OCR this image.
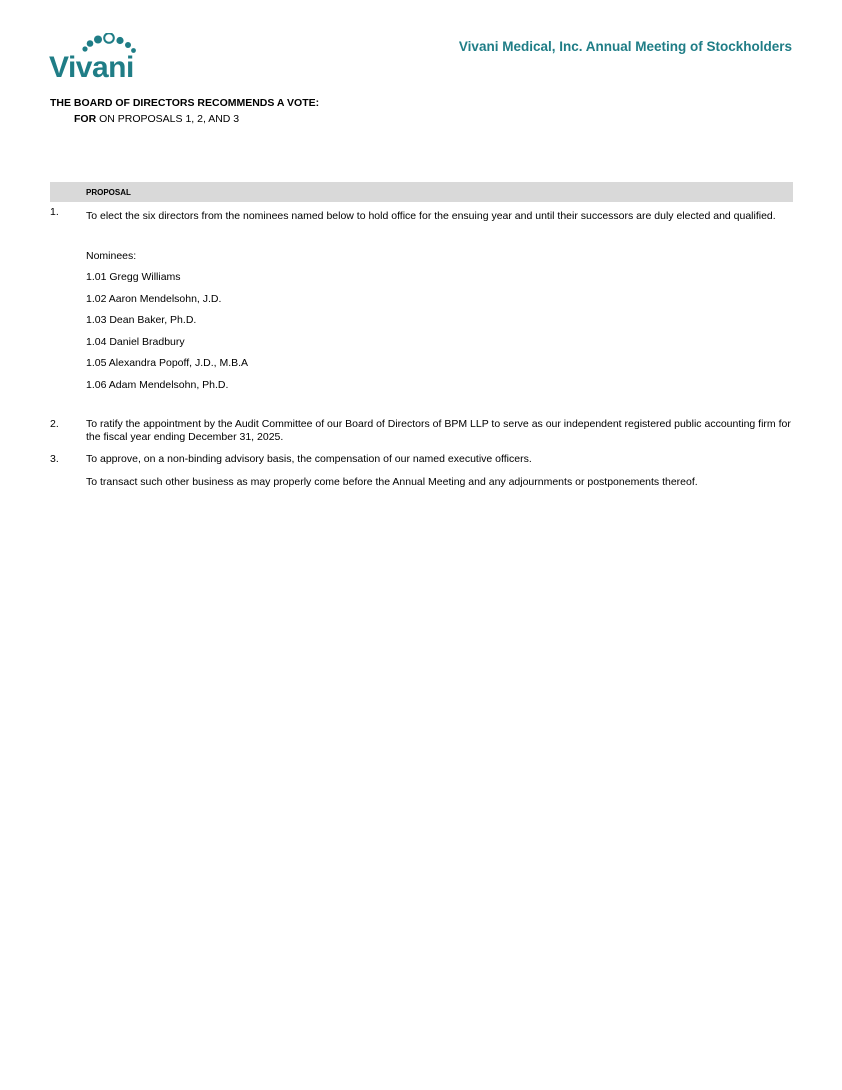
Vivani
Vivani Medical, Inc. Annual Meeting of Stockholders
THE BOARD OF DIRECTORS RECOMMENDS A VOTE:
FOR ON PROPOSALS 1, 2, AND 3
PROPOSAL
1.	To elect the six directors from the nominees named below to hold office for the ensuing year and until their successors are duly elected and qualified.
Nominees:
1.01 Gregg Williams
1.02 Aaron Mendelsohn, J.D.
1.03 Dean Baker, Ph.D.
1.04 Daniel Bradbury
1.05 Alexandra Popoff, J.D., M.B.A
1.06 Adam Mendelsohn, Ph.D.
2.	To ratify the appointment by the Audit Committee of our Board of Directors of BPM LLP to serve as our independent registered public accounting firm for the fiscal year ending December 31, 2025.
3.	To approve, on a non-binding advisory basis, the compensation of our named executive officers.
To transact such other business as may properly come before the Annual Meeting and any adjournments or postponements thereof.
